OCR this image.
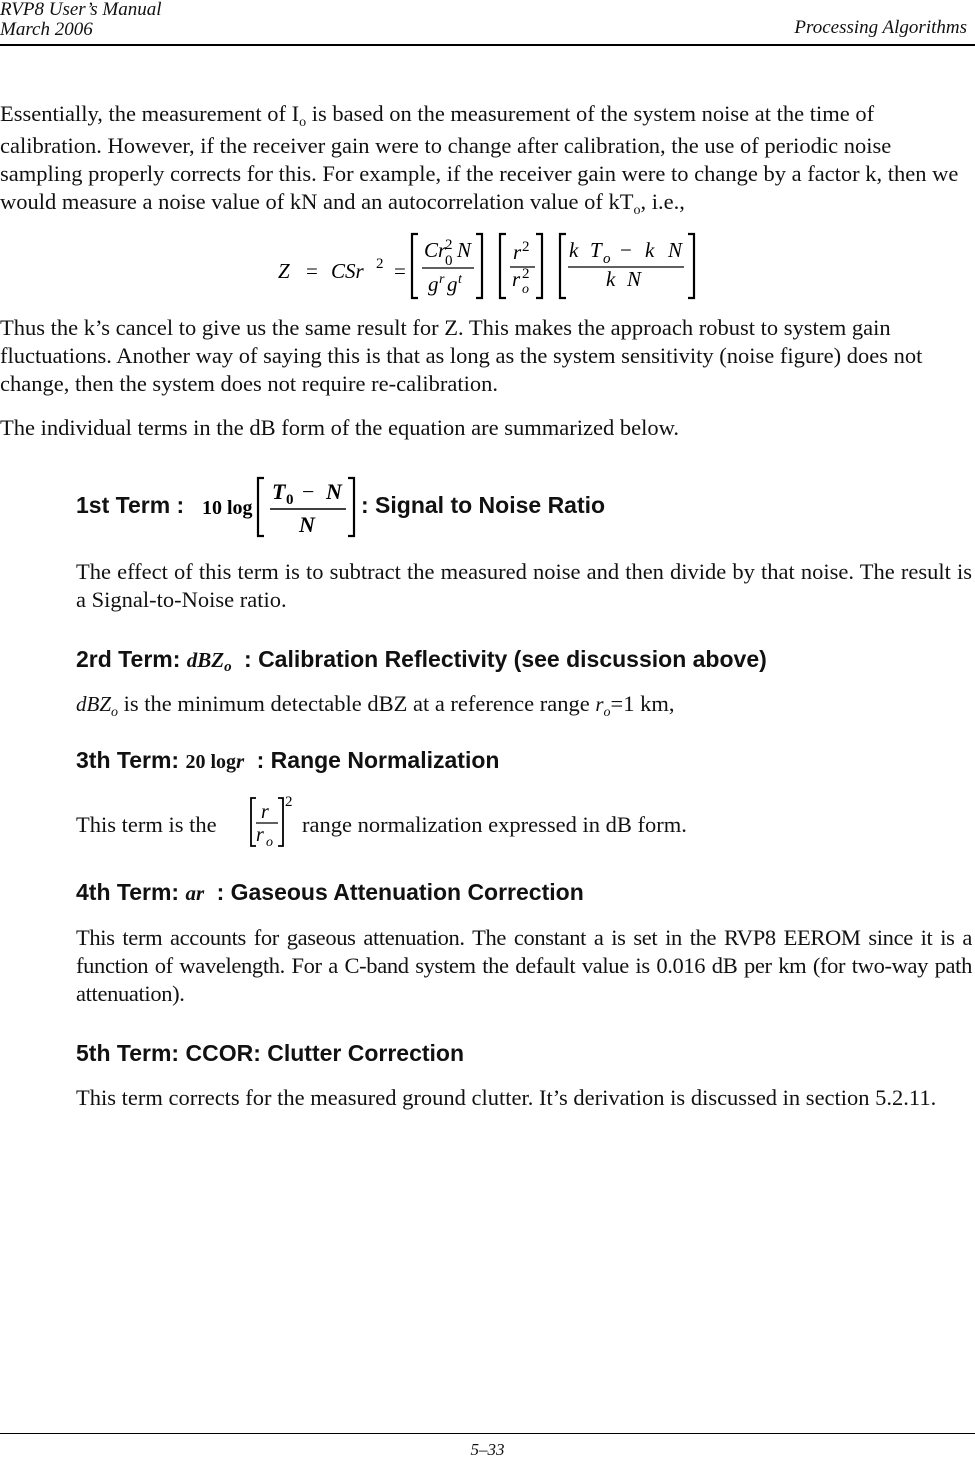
RVP8 User’s Manual
March 2006	Processing Algorithms

Essentially, the measurement of $I_o$ is based on the measurement of the system noise at the time of calibration. However, if the receiver gain were to change after calibration, the use of periodic noise sampling properly corrects for this. For example, if the receiver gain were to change by a factor k, then we would measure a noise value of kN and an autocorrelation value of $kT_o$, i.e.,

Z = CSr 2 =
Cr
2
0 N
g r g t
r 2
r 2
o
k T o − k N
k N

Thus the k’s cancel to give us the same result for Z. This makes the approach robust to system gain fluctuations. Another way of saying this is that as long as the system sensitivity (noise figure) does not change, then the system does not require re-calibration.

The individual terms in the dB form of the equation are summarized below.

1st Term : 10 log
T 0 − N
N
: Signal to Noise Ratio

The effect of this term is to subtract the measured noise and then divide by that noise. The result is a Signal-to-Noise ratio.

2rd Term: dBZo : Calibration Reflectivity (see discussion above)

dBZ$_o$ is the minimum detectable dBZ at a reference range $r_o=1$ km,

3th Term: 20 logr : Range Normalization
This term is the r
r o
2
range normalization expressed in dB form.
4th Term: ar : Gaseous Attenuation Correction

This term accounts for gaseous attenuation. The constant a is set in the RVP8 EEROM since it is a function of wavelength. For a C-band system the default value is 0.016 dB per km (for two-way path attenuation).

5th Term: CCOR: Clutter Correction

This term corrects for the measured ground clutter. It’s derivation is discussed in section 5.2.11.

5–33
